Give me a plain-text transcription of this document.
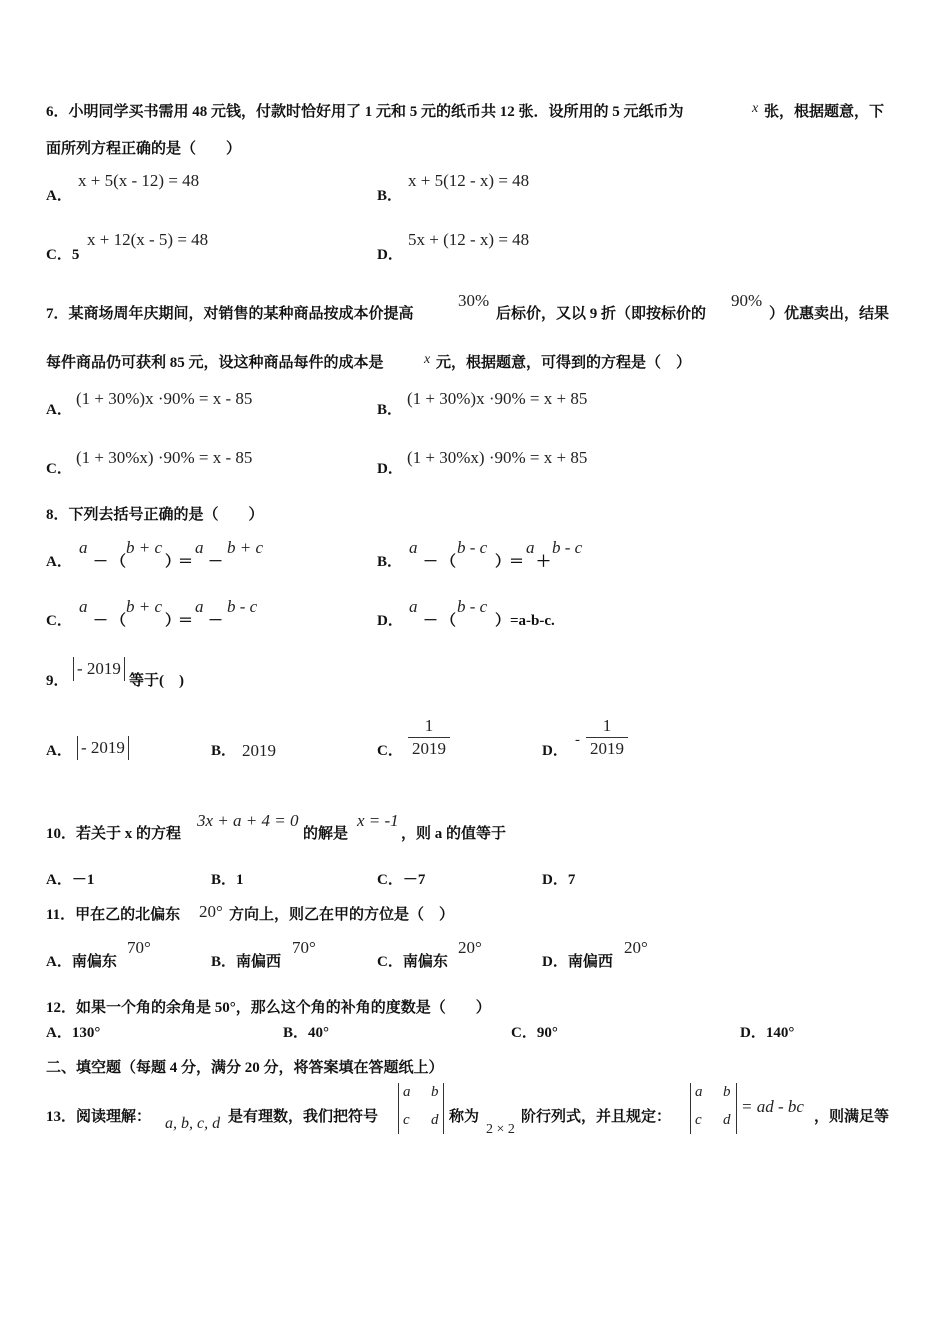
6．小明同学买书需用 48 元钱，付款时恰好用了 1 元和 5 元的纸币共 12 张．设所用的 5 元纸币为	x 张，根据题意，下
面所列方程正确的是（　　）
A．
x + 5(x - 12) = 48
B．
x + 5(12 - x) = 48
C．5
x + 12(x - 5) = 48
D．
5x + (12 - x) = 48
7．某商场周年庆期间，对销售的某种商品按成本价提高
30%
后标价，又以 9 折（即按标价的
90%
）优惠卖出，结果
每件商品仍可获利 85 元，设这种商品每件的成本是	x 元，根据题意，可得到的方程是（　）
A．
(1 + 30%)x ·90% = x - 85
B．
(1 + 30%)x ·90% = x + 85
C．
(1 + 30%x) ·90% = x - 85
D．
(1 + 30%x) ·90% = x + 85
8．下列去括号正确的是（　　）
A．
a
－ （
b + c
）
＝
a
－
b + c
B．
a
－ （
b - c
）
＝
a
＋
b - c
C．
a
－ （
b + c
）
＝
a
－
b - c
D．
a
－ （
b - c
）=a-b-c.
9．
- 2019
等于(　)
A． - 2019	B． 2019	C．
1
2019	D．
-
1
2019
10．若关于 x 的方程
3x + a + 4 = 0
的解是
x = -1
，则 a 的值等于
A．－1	B．1	C．－7	D．7
11．甲在乙的北偏东 20° 方向上，则乙在甲的方位是（　）
A．南偏东
70°
B．南偏西
70°
C．南偏东
20°
D．南偏西
20°
12．如果一个角的余角是 50°，那么这个角的补角的度数是（　　）
A．130°	B．40°	C．90°	D．140°
二、填空题（每题 4 分，满分 20 分，将答案填在答题纸上）
13．阅读理解： a, b, c, d 是有理数，我们把符号
a b
c d 称为
2 × 2
阶行列式，并且规定：
a b
c d
= ad - bc
，则满足等
